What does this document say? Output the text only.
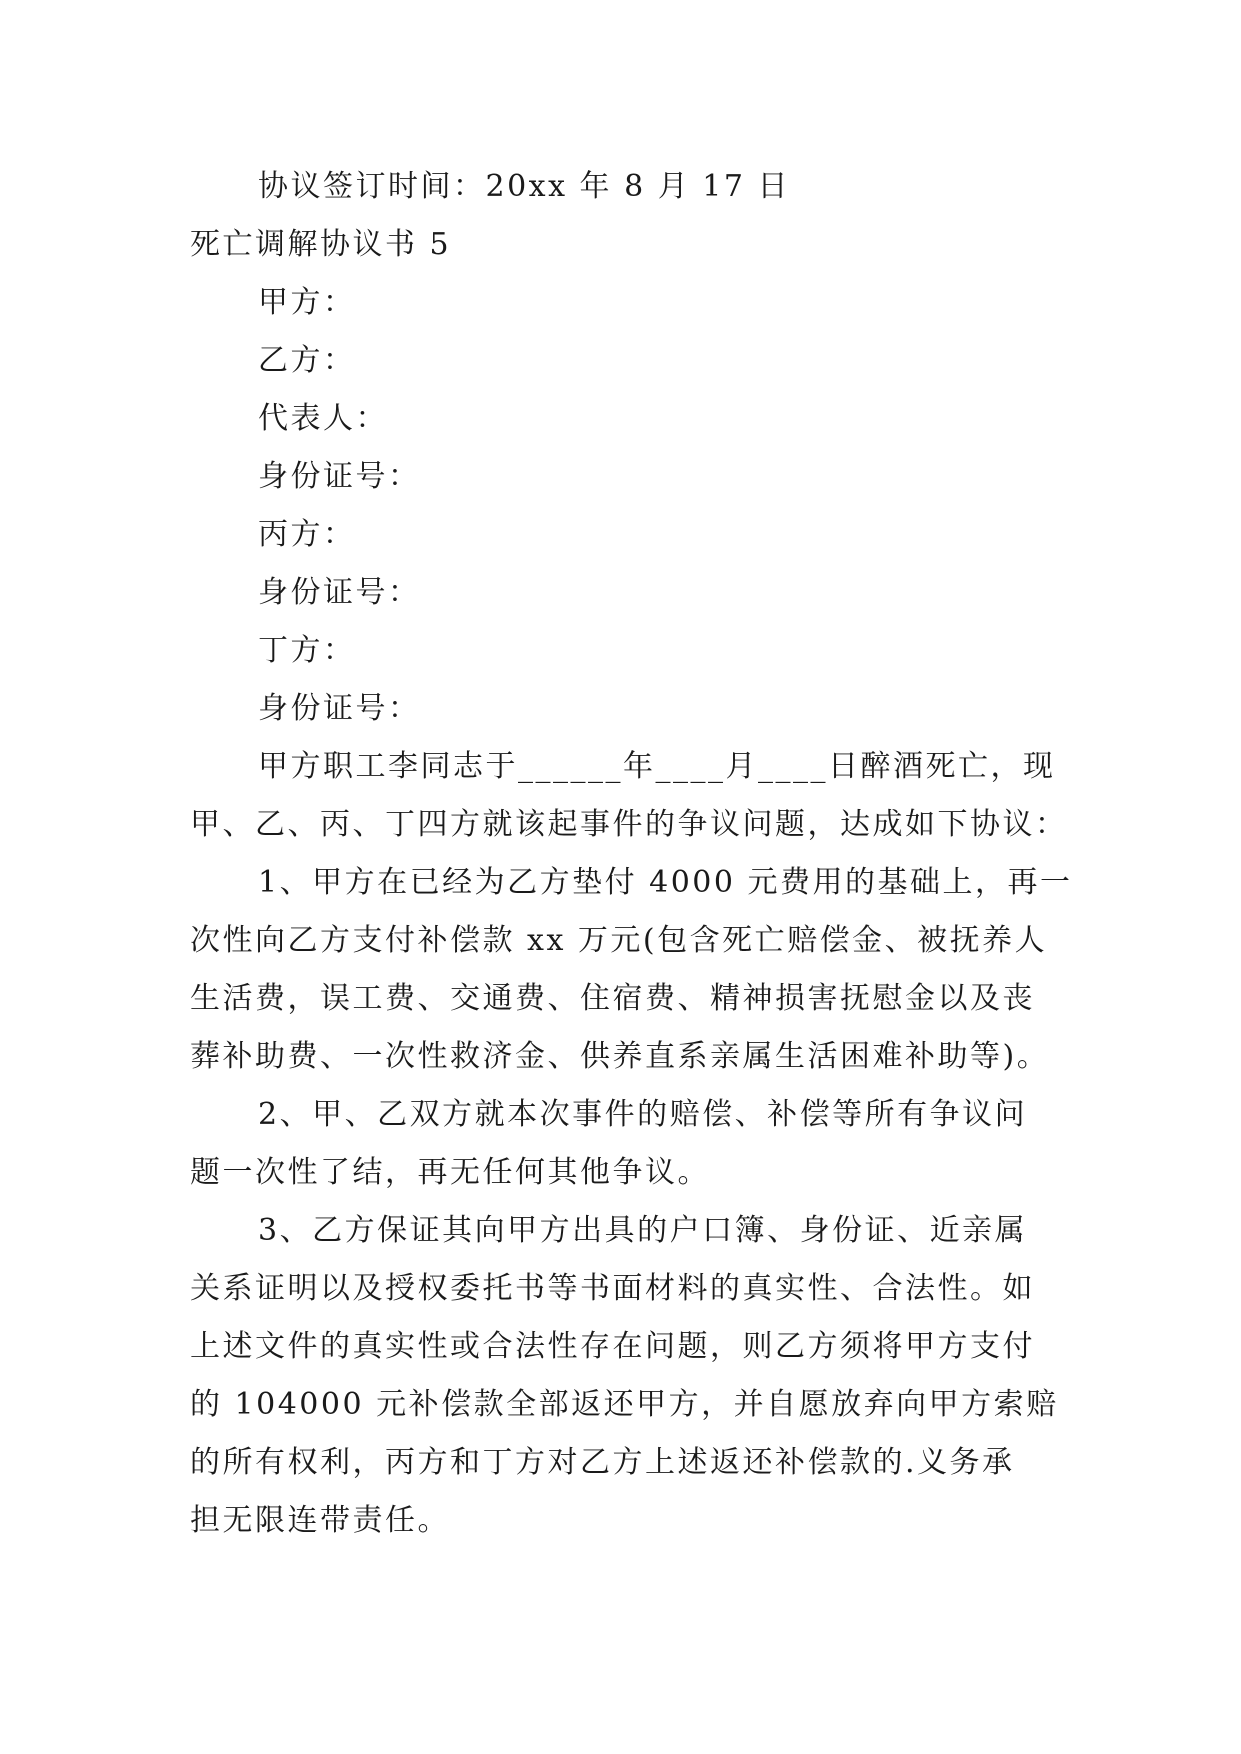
协议签订时间：20xx 年 8 月 17 日
死亡调解协议书 5
甲方：
乙方：
代表人：
身份证号：
丙方：
身份证号：
丁方：
身份证号：
甲方职工李同志于______年____月____日醉酒死亡，现
甲、乙、丙、丁四方就该起事件的争议问题，达成如下协议：
1、甲方在已经为乙方垫付 4000 元费用的基础上，再一
次性向乙方支付补偿款 xx 万元(包含死亡赔偿金、被抚养人
生活费，误工费、交通费、住宿费、精神损害抚慰金以及丧
葬补助费、一次性救济金、供养直系亲属生活困难补助等)。
2、甲、乙双方就本次事件的赔偿、补偿等所有争议问
题一次性了结，再无任何其他争议。
3、乙方保证其向甲方出具的户口簿、身份证、近亲属
关系证明以及授权委托书等书面材料的真实性、合法性。如
上述文件的真实性或合法性存在问题，则乙方须将甲方支付
的 104000 元补偿款全部返还甲方，并自愿放弃向甲方索赔
的所有权利，丙方和丁方对乙方上述返还补偿款的.义务承
担无限连带责任。
